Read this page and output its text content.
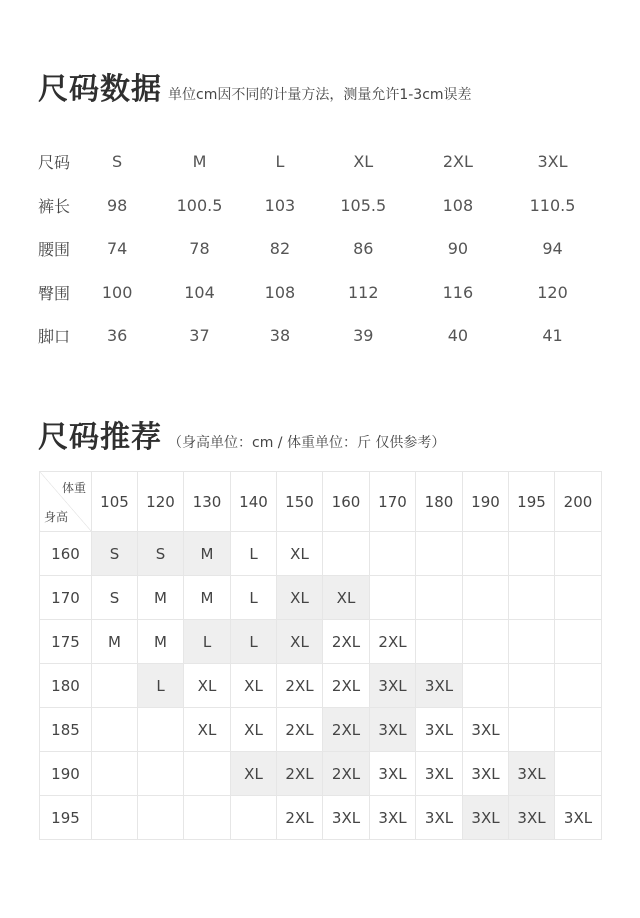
尺码数据 单位cm因不同的计量方法，测量允许1-3cm误差
尺码	S	M	L	XL	2XL	3XL
裤长	98	100.5	103	105.5	108	110.5
腰围	74	78	82	86	90	94
臀围	100	104	108	112	116	120
脚口	36	37	38	39	40	41
尺码推荐 （身高单位：cm / 体重单位：斤 仅供参考）
体重
身高	105	120	130	140	150	160	170	180	190	195	200
160	S	S	M	L	XL						
170	S	M	M	L	XL	XL					
175	M	M	L	L	XL	2XL	2XL				
180		L	XL	XL	2XL	2XL	3XL	3XL			
185			XL	XL	2XL	2XL	3XL	3XL	3XL		
190				XL	2XL	2XL	3XL	3XL	3XL	3XL	
195					2XL	3XL	3XL	3XL	3XL	3XL	3XL
